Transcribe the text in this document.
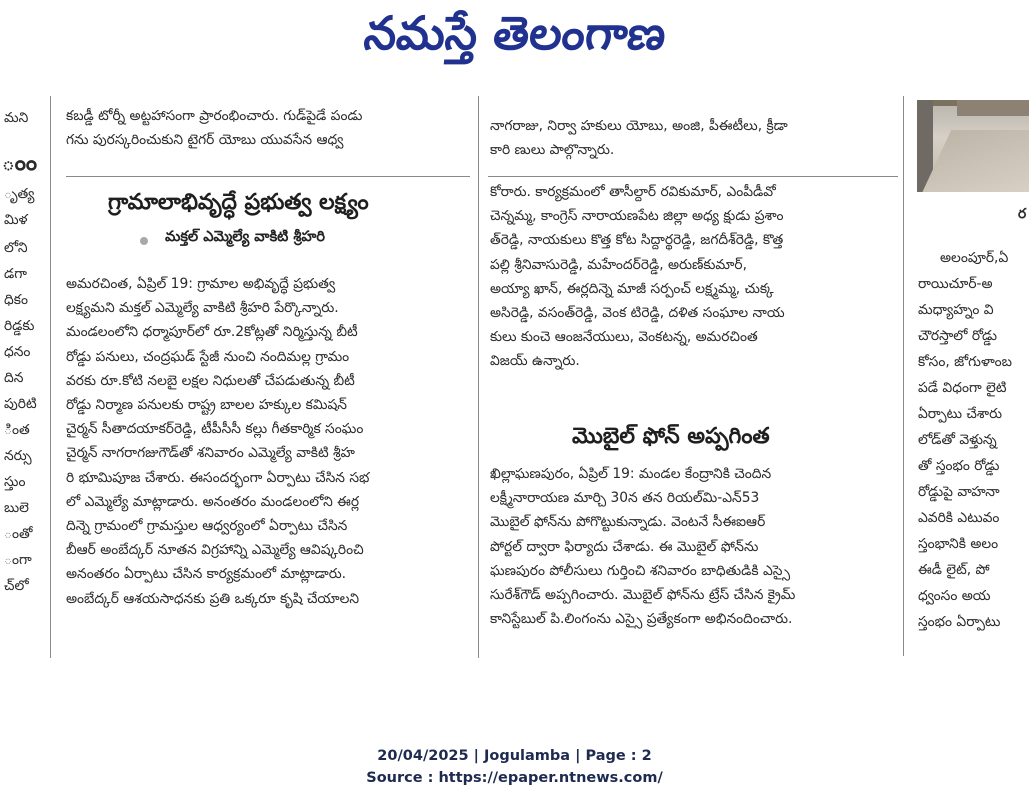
నమస్తే తెలంగాణ
మని
ంం
ృత్య
మిళ
లోని
డగా
ధికం
రిడ్డకు
ధనం
దిన
పురిటి
ింత
నర్సు
స్తుం
బులె
ంతో
ంగా
చ్‌లో

కబడ్డీ టోర్నీ అట్టహాసంగా ప్రారంభించారు. గుడ్‌పైడే పండు

గను పురస్కరించుకుని టైగర్ యోబు యువసేన ఆధ్వ

గ్రామాలాభివృద్ధే ప్రభుత్వ లక్ష్యం
మక్తల్ ఎమ్మెల్యే వాకిటి శ్రీహరి

అమరచింత, ఏప్రిల్ 19: గ్రామాల అభివృద్ధే ప్రభుత్వ

లక్ష్యమని మక్తల్ ఎమ్మెల్యే వాకిటి శ్రీహరి పేర్కొన్నారు.

మండలంలోని ధర్మాపూర్‌లో రూ.2కోట్లతో నిర్మిస్తున్న బీటీ

రోడ్డు పనులు, చంద్రఘడ్ స్టేజీ నుంచి నందిమల్ల గ్రామం

వరకు రూ.కోటి నలబై లక్షల నిధులతో చేపడుతున్న బీటీ

రోడ్డు నిర్మాణ పనులకు రాష్ట్ర బాలల హక్కుల కమిషన్

చైర్మన్ సీతాదయాకర్‌రెడ్డి, టీపీసీసీ కల్లు గీతకార్మిక సంఘం

చైర్మన్ నాగరాగజుగౌడ్‌తో శనివారం ఎమ్మెల్యే వాకిటి శ్రీహ

రి భూమిపూజ చేశారు. ఈసందర్భంగా ఏర్పాటు చేసిన సభ

లో ఎమ్మెల్యే మాట్లాడారు. అనంతరం మండలంలోని ఈర్ల

దిన్నె గ్రామంలో గ్రామస్తుల ఆధ్వర్యంలో ఏర్పాటు చేసిన

బీఆర్ అంబేద్కర్ నూతన విగ్రహాన్ని ఎమ్మెల్యే ఆవిష్కరించి

అనంతరం ఏర్పాటు చేసిన కార్యక్రమంలో మాట్లాడారు.

అంబేద్కర్ ఆశయసాధనకు ప్రతి ఒక్కరూ కృషి చేయాలని

నాగరాజు, నిర్వా హకులు యోబు, అంజి, పీఈటీలు, క్రీడా

కారి ణులు పాల్గొన్నారు.

కోరారు. కార్యక్రమంలో తాసీల్దార్ రవికుమార్, ఎంపీడీవో

చెన్నమ్మ, కాంగ్రెస్ నారాయణపేట జిల్లా అధ్య క్షుడు ప్రశాం

త్‌రెడ్డి, నాయకులు కొత్త కోట సిద్దార్థరెడ్డి, జగదీశ్‌రెడ్డి, కొత్త

పల్లి శ్రీనివాసురెడ్డి, మహేందర్‌రెడ్డి, అరుణ్‌కుమార్,

అయ్యా ఖాన్, ఈర్లదిన్నె మాజీ సర్పంచ్ లక్ష్మమ్మ, చుక్క

అసిరెడ్డి, వసంత్‌రెడ్డి, వెంక టిరెడ్డి, దళిత సంఘాల నాయ

కులు కుంచె ఆంజనేయులు, వెంకటన్న, అమరచింత

విజయ్ ఉన్నారు.

మొబైల్ ఫోన్ అప్పగింత

ఖిల్లాఘణపురం, ఏప్రిల్ 19: మండల కేంద్రానికి చెందిన

లక్ష్మీనారాయణ మార్చి 30న తన రియల్‌మి-ఎన్53

మొబైల్ ఫోన్‌ను పోగొట్టుకున్నాడు. వెంటనే సీఈఐఆర్

పోర్టల్ ద్వారా ఫిర్యాదు చేశాడు. ఈ మొబైల్ ఫోన్‌ను

ఘణపురం పోలీసులు గుర్తించి శనివారం బాధితుడికి ఎస్సై

సురేశ్‌గౌడ్ అప్పగించారు. మొబైల్ ఫోన్‌ను ట్రేస్ చేసిన క్రైమ్

కానిస్టేబుల్ పి.లింగంను ఎస్సై ప్రత్యేకంగా అభినందించారు.

ర
అలంపూర్,ఏ
రాయిచూర్-అ
మధ్యాహ్నం వి
చౌరస్తాలో రోడ్డు
కోసం, జోగుళాంబ
పడే విధంగా లైటి
ఏర్పాటు చేశారు
లోడ్‌తో వెళ్తున్న
తో స్తంభం రోడ్డు
రోడ్డుపై వాహనా
ఎవరికి ఎటువం
స్తంభానికి అలం
ఈడీ లైట్, పో
ధ్వంసం అయ
స్తంభం ఏర్పాటు
20/04/2025 | Jogulamba | Page : 2
Source : https://epaper.ntnews.com/
